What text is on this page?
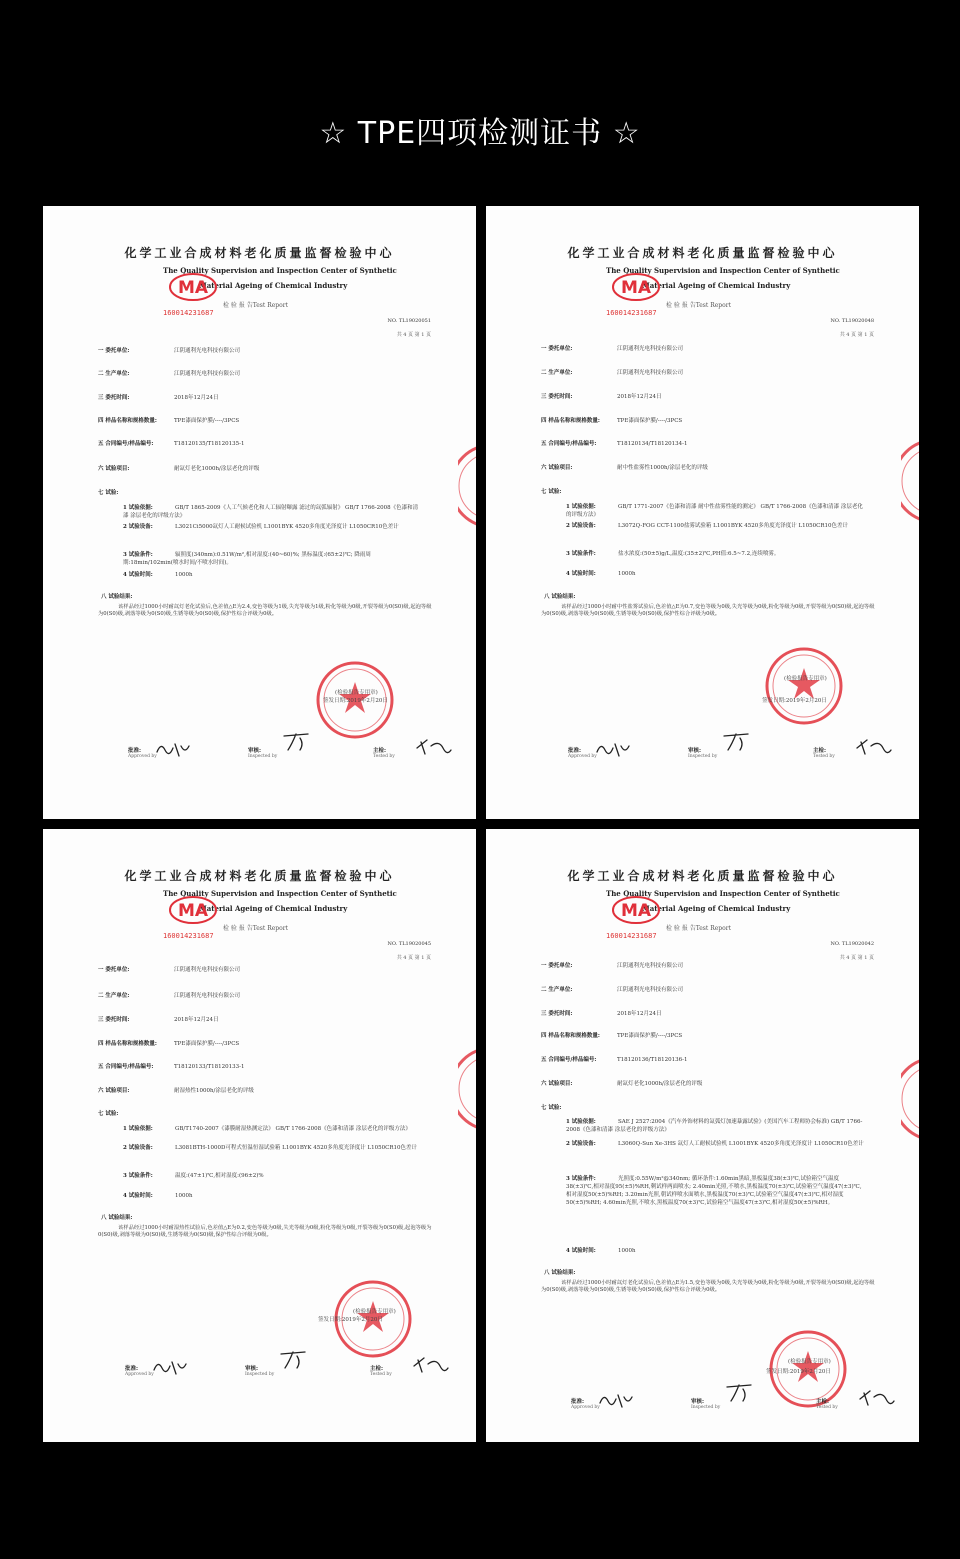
☆ TPE四项检测证书 ☆
化学工业合成材料老化质量监督检验中心
The Quality Supervision and Inspection Center of Synthetic
Material Ageing of Chemical Industry
MA
检 验 报 告Test Report
160014231687
NO. TL19020051
共 4 页 第 1 页
一 委托单位:	江阴通利光电科技有限公司
二 生产单位:	江阴通利光电科技有限公司
三 委托时间:	2018年12月24日
四 样品名称和规格数量:	TPE漆面保护膜/----/3PCS
五 合同编号/样品编号:	T18120135/T18120135-1
六 试验项目:	耐氙灯老化1000h/涂层老化的评级
七 试验:
1 试验依据:	GB/T 1865-2009《人工气候老化和人工辐射曝露 滤过的氙弧辐射》 GB/T 1766-2008《色漆和清漆 涂层老化的评级方法》
2 试验设备:	L3021Ci5000氙灯人工耐候试验机 L1001BYK 4520多角度光泽度计 L1050CR10色差计
3 试验条件:	辐照度(340nm):0.51W/m²,相对湿度:(40~60)%; 黑标温度:(65±2)℃; 降雨周期:18min/102min(喷水时间/不喷水时间)。
4 试验时间:	1000h
八 试验结果:
该样品经过1000小时耐氙灯老化试验后,色差值△E为2.4,变色等级为1级,失光等级为1级,粉化等级为0级,开裂等级为0(S0)级,起泡等级为0(S0)级,剥落等级为0(S0)级,生锈等级为0(S0)级,保护性综合评级为0级。
(检验报告专用章)
签发日期:2019年2月20日
批准:
Approved by
审核:
Inspected by
主检:
Tested by
化学工业合成材料老化质量监督检验中心
The Quality Supervision and Inspection Center of Synthetic
Material Ageing of Chemical Industry
MA
检 验 报 告Test Report
160014231687
NO. TL19020048
共 4 页 第 1 页
一 委托单位:	江阴通利光电科技有限公司
二 生产单位:	江阴通利光电科技有限公司
三 委托时间:	2018年12月24日
四 样品名称和规格数量:	TPE漆面保护膜/----/3PCS
五 合同编号/样品编号:	T18120134/T18120134-1
六 试验项目:	耐中性盐雾性1000h/涂层老化的评级
七 试验:
1 试验依据:	GB/T 1771-2007《色漆和清漆 耐中性盐雾性能的测定》 GB/T 1766-2008《色漆和清漆 涂层老化的评级方法》
2 试验设备:	L3072Q-FOG CCT-1100盐雾试验箱 L1001BYK 4520多角度光泽度计 L1050CR10色差计
3 试验条件:	盐水浓度:(50±5)g/L,温度:(35±2)℃,PH值:6.5~7.2,连续喷雾。
4 试验时间:	1000h
八 试验结果:
该样品经过1000小时耐中性盐雾试验后,色差值△E为0.7,变色等级为0级,失光等级为0级,粉化等级为0级,开裂等级为0(S0)级,起泡等级为0(S0)级,剥落等级为0(S0)级,生锈等级为0(S0)级,保护性综合评级为0级。
(检验报告专用章)
签发日期:2019年2月20日
批准:
Approved by
审核:
Inspected by
主检:
Tested by
化学工业合成材料老化质量监督检验中心
The Quality Supervision and Inspection Center of Synthetic
Material Ageing of Chemical Industry
MA
检 验 报 告Test Report
160014231687
NO. TL19020045
共 4 页 第 1 页
一 委托单位:	江阴通利光电科技有限公司
二 生产单位:	江阴通利光电科技有限公司
三 委托时间:	2018年12月24日
四 样品名称和规格数量:	TPE漆面保护膜/----/3PCS
五 合同编号/样品编号:	T18120133/T18120133-1
六 试验项目:	耐湿热性1000h/涂层老化的评级
七 试验:
1 试验依据:	GB/T1740-2007《漆膜耐湿热测定法》 GB/T 1766-2008《色漆和清漆 涂层老化的评级方法》
2 试验设备:	L3081BTH-1000D可程式恒温恒湿试验箱 L1001BYK 4520多角度光泽度计 L1050CR10色差计
3 试验条件:	温度:(47±1)℃,相对湿度:(96±2)%
4 试验时间:	1000h
八 试验结果:
该样品经过1000小时耐湿热性试验后,色差值△E为0.2,变色等级为0级,失光等级为0级,粉化等级为0级,开裂等级为0(S0)级,起泡等级为0(S0)级,剥落等级为0(S0)级,生锈等级为0(S0)级,保护性综合评级为0级。
(检验报告专用章)
签发日期:2019年2月20日
批准:
Approved by
审核:
Inspected by
主检:
Tested by
化学工业合成材料老化质量监督检验中心
The Quality Supervision and Inspection Center of Synthetic
Material Ageing of Chemical Industry
MA
检 验 报 告Test Report
160014231687
NO. TL19020042
共 4 页 第 1 页
一 委托单位:	江阴通利光电科技有限公司
二 生产单位:	江阴通利光电科技有限公司
三 委托时间:	2018年12月24日
四 样品名称和规格数量:	TPE漆面保护膜/----/3PCS
五 合同编号/样品编号:	T18120136/T18120136-1
六 试验项目:	耐氙灯老化1000h/涂层老化的评级
七 试验:
1 试验依据:	SAE J 2527:2004《汽车外饰材料的氙弧灯加速暴露试验》(美国汽车工程师协会标准) GB/T 1766-2008《色漆和清漆 涂层老化的评级方法》
2 试验设备:	L3060Q-Sun Xe-3HS 氙灯人工耐候试验机 L1001BYK 4520多角度光泽度计 L1050CR10色差计
3 试验条件:	光照度:0.55W/m²@340nm; 循环条件:1.60min黑暗,黑板温度38(±3)℃,试验箱空气温度38(±3)℃,相对湿度95(±5)%RH,剩试样两面喷水; 2.40min光照,不喷水,黑板温度70(±3)℃,试验箱空气温度47(±3)℃,相对湿度50(±5)%RH; 3.20min光照,朝试样喷水面喷水,黑板温度70(±3)℃,试验箱空气温度47(±3)℃,相对湿度50(±5)%RH; 4.60min光照,不喷水,黑板温度70(±3)℃,试验箱空气温度47(±3)℃,相对湿度50(±5)%RH。
4 试验时间:	1000h
八 试验结果:
该样品经过1000小时耐氙灯老化试验后,色差值△E为1.5,变色等级为0级,失光等级为0级,粉化等级为0级,开裂等级为0(S0)级,起泡等级为0(S0)级,剥落等级为0(S0)级,生锈等级为0(S0)级,保护性综合评级为0级。
(检验报告专用章)
签发日期:2019年2月20日
批准:
Approved by
审核:
Inspected by
主检:
Tested by
